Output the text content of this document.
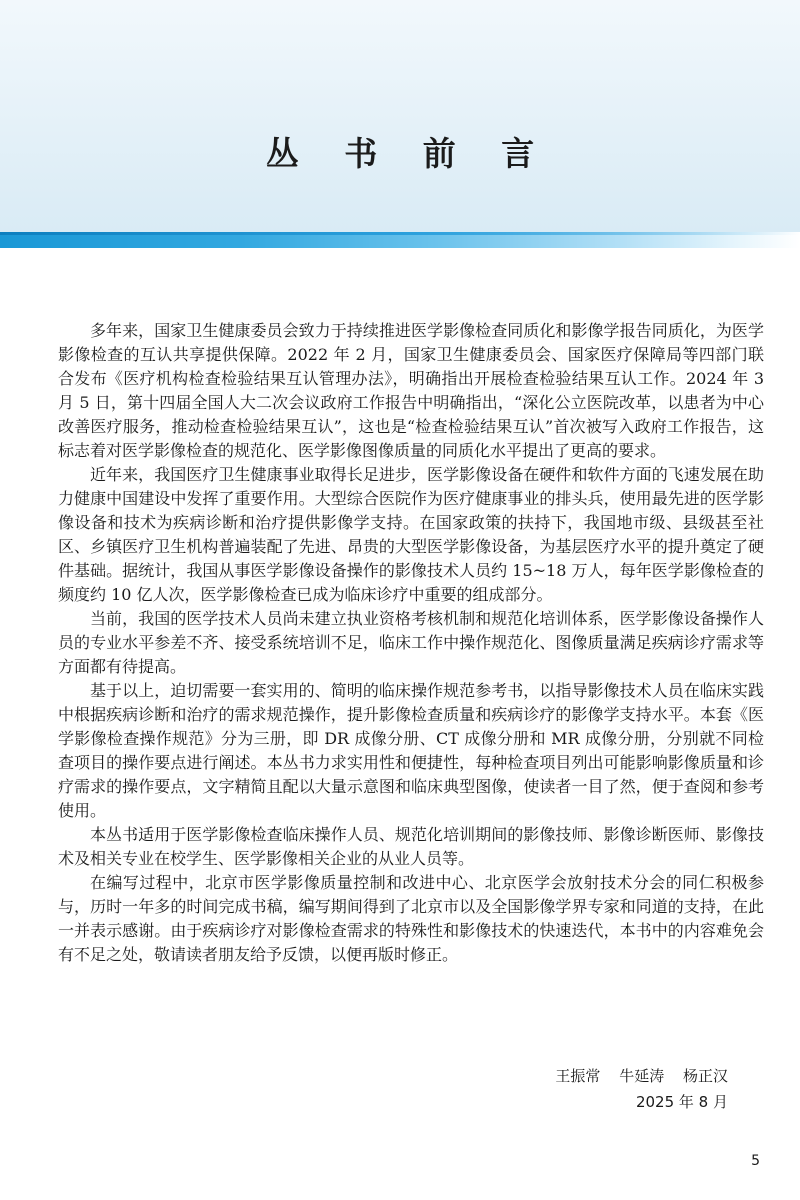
丛 书 前 言

多年来，国家卫生健康委员会致力于持续推进医学影像检查同质化和影像学报告同质化，为医学影像检查的互认共享提供保障。2022 年 2 月，国家卫生健康委员会、国家医疗保障局等四部门联合发布《医疗机构检查检验结果互认管理办法》，明确指出开展检查检验结果互认工作。2024 年 3 月 5 日，第十四届全国人大二次会议政府工作报告中明确指出，“深化公立医院改革，以患者为中心改善医疗服务，推动检查检验结果互认”，这也是“检查检验结果互认”首次被写入政府工作报告，这标志着对医学影像检查的规范化、医学影像图像质量的同质化水平提出了更高的要求。

近年来，我国医疗卫生健康事业取得长足进步，医学影像设备在硬件和软件方面的飞速发展在助力健康中国建设中发挥了重要作用。大型综合医院作为医疗健康事业的排头兵，使用最先进的医学影像设备和技术为疾病诊断和治疗提供影像学支持。在国家政策的扶持下，我国地市级、县级甚至社区、乡镇医疗卫生机构普遍装配了先进、昂贵的大型医学影像设备，为基层医疗水平的提升奠定了硬件基础。据统计，我国从事医学影像设备操作的影像技术人员约 15~18 万人，每年医学影像检查的频度约 10 亿人次，医学影像检查已成为临床诊疗中重要的组成部分。

当前，我国的医学技术人员尚未建立执业资格考核机制和规范化培训体系，医学影像设备操作人员的专业水平参差不齐、接受系统培训不足，临床工作中操作规范化、图像质量满足疾病诊疗需求等方面都有待提高。

基于以上，迫切需要一套实用的、简明的临床操作规范参考书，以指导影像技术人员在临床实践中根据疾病诊断和治疗的需求规范操作，提升影像检查质量和疾病诊疗的影像学支持水平。本套《医学影像检查操作规范》分为三册，即 DR 成像分册、CT 成像分册和 MR 成像分册，分别就不同检查项目的操作要点进行阐述。本丛书力求实用性和便捷性，每种检查项目列出可能影响影像质量和诊疗需求的操作要点，文字精简且配以大量示意图和临床典型图像，使读者一目了然，便于查阅和参考使用。

本丛书适用于医学影像检查临床操作人员、规范化培训期间的影像技师、影像诊断医师、影像技术及相关专业在校学生、医学影像相关企业的从业人员等。

在编写过程中，北京市医学影像质量控制和改进中心、北京医学会放射技术分会的同仁积极参与，历时一年多的时间完成书稿，编写期间得到了北京市以及全国影像学界专家和同道的支持，在此一并表示感谢。由于疾病诊疗对影像检查需求的特殊性和影像技术的快速迭代，本书中的内容难免会有不足之处，敬请读者朋友给予反馈，以便再版时修正。

王振常 牛延涛 杨正汉
2025 年 8 月
5
